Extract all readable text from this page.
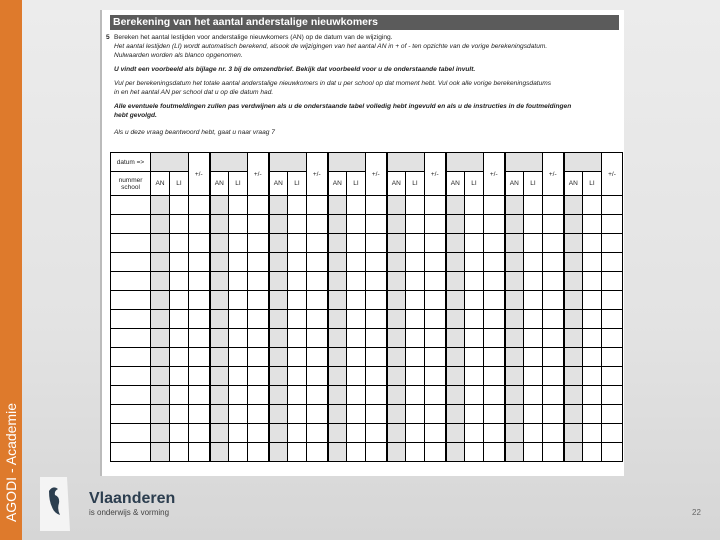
AGODI - Academie
Berekening van het aantal anderstalige nieuwkomers
5 Bereken het aantal lestijden voor anderstalige nieuwkomers (AN) op de datum van de wijziging.
Het aantal lestijden (LI) wordt automatisch berekend, alsook de wijzigingen van het aantal AN in + of - ten opzichte van de vorige berekeningsdatum.
Nulwaarden worden als blanco opgenomen.
U vindt een voorbeeld als bijlage nr. 3 bij de omzendbrief. Bekijk dat voorbeeld voor u de onderstaande tabel invult.
Vul per berekeningsdatum het totale aantal anderstalige nieuwkomers in dat u per school op dat moment hebt. Vul ook alle vorige berekeningsdatums
in en het aantal AN per school dat u op die datum had.
Alle eventuele foutmeldingen zullen pas verdwijnen als u de onderstaande tabel volledig hebt ingevuld en als u de instructies in de foutmeldingen
hebt gevolgd.
Als u deze vraag beantwoord hebt, gaat u naar vraag 7
datum =>			+/-			+/-			+/-			+/-			+/-			+/-			+/-			+/-
nummer school	AN	LI		AN	LI		AN	LI		AN	LI		AN	LI		AN	LI		AN	LI		AN	LI	

Vlaanderen
is onderwijs & vorming	22
